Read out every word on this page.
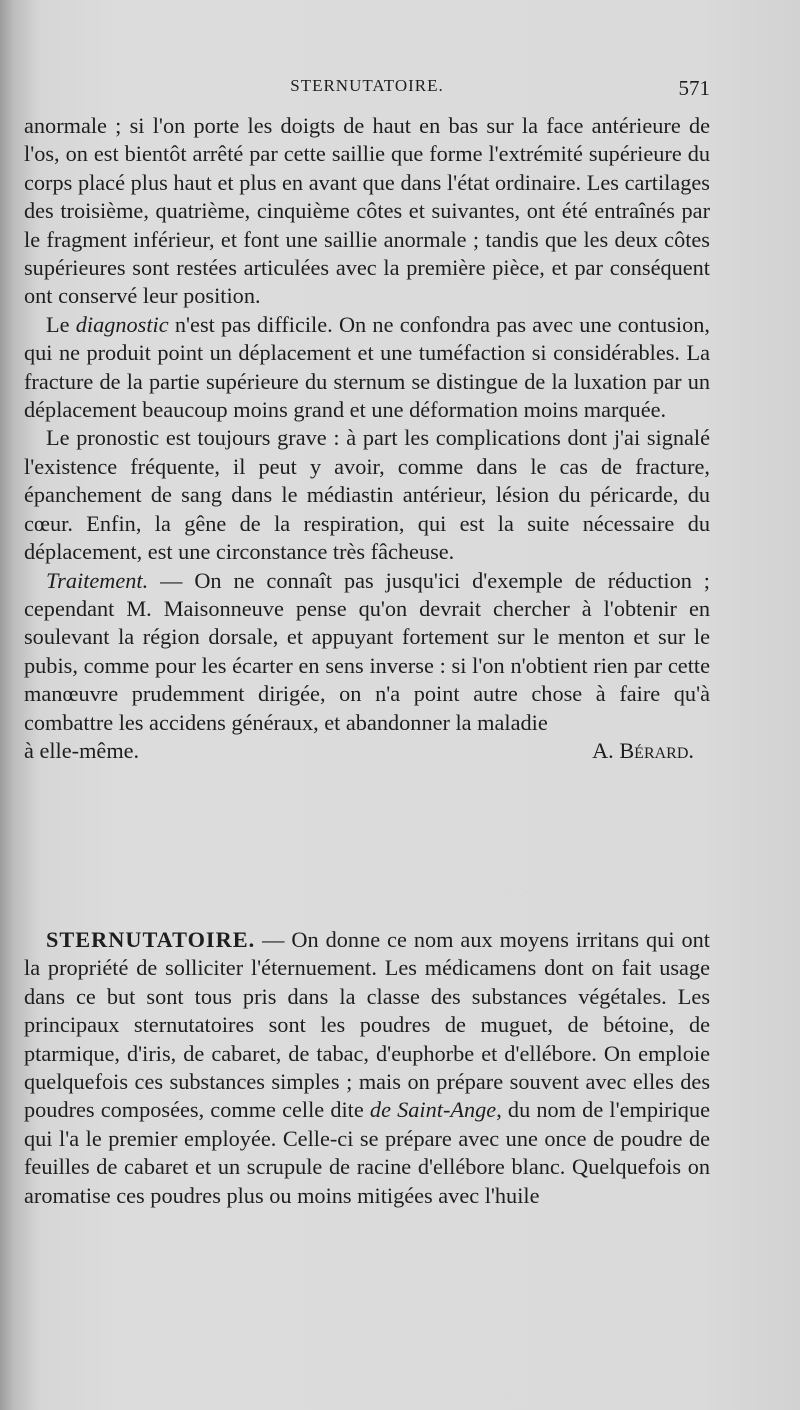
STERNUTATOIRE.	571

anormale ; si l'on porte les doigts de haut en bas sur la face antérieure de l'os, on est bientôt arrêté par cette saillie que forme l'extrémité supérieure du corps placé plus haut et plus en avant que dans l'état ordinaire. Les cartilages des troisième, quatrième, cinquième côtes et suivantes, ont été entraînés par le fragment inférieur, et font une saillie anormale ; tandis que les deux côtes supérieures sont restées articulées avec la première pièce, et par conséquent ont conservé leur position.

Le diagnostic n'est pas difficile. On ne confondra pas avec une contusion, qui ne produit point un déplacement et une tuméfaction si considérables. La fracture de la partie supérieure du sternum se distingue de la luxation par un déplacement beaucoup moins grand et une déformation moins marquée.

Le pronostic est toujours grave : à part les complications dont j'ai signalé l'existence fréquente, il peut y avoir, comme dans le cas de fracture, épanchement de sang dans le médiastin antérieur, lésion du péricarde, du cœur. Enfin, la gêne de la respiration, qui est la suite nécessaire du déplacement, est une circonstance très fâcheuse.

Traitement. — On ne connaît pas jusqu'ici d'exemple de réduction ; cependant M. Maisonneuve pense qu'on devrait chercher à l'obtenir en soulevant la région dorsale, et appuyant fortement sur le menton et sur le pubis, comme pour les écarter en sens inverse : si l'on n'obtient rien par cette manœuvre prudemment dirigée, on n'a point autre chose à faire qu'à combattre les accidens généraux, et abandonner la maladie

à elle-même.	A. Bérard.

STERNUTATOIRE. — On donne ce nom aux moyens irritans qui ont la propriété de solliciter l'éternuement. Les médicamens dont on fait usage dans ce but sont tous pris dans la classe des substances végétales. Les principaux sternutatoires sont les poudres de muguet, de bétoine, de ptarmique, d'iris, de cabaret, de tabac, d'euphorbe et d'ellébore. On emploie quelquefois ces substances simples ; mais on prépare souvent avec elles des poudres composées, comme celle dite de Saint-Ange, du nom de l'empirique qui l'a le premier employée. Celle-ci se prépare avec une once de poudre de feuilles de cabaret et un scrupule de racine d'ellébore blanc. Quelquefois on aromatise ces poudres plus ou moins mitigées avec l'huile
